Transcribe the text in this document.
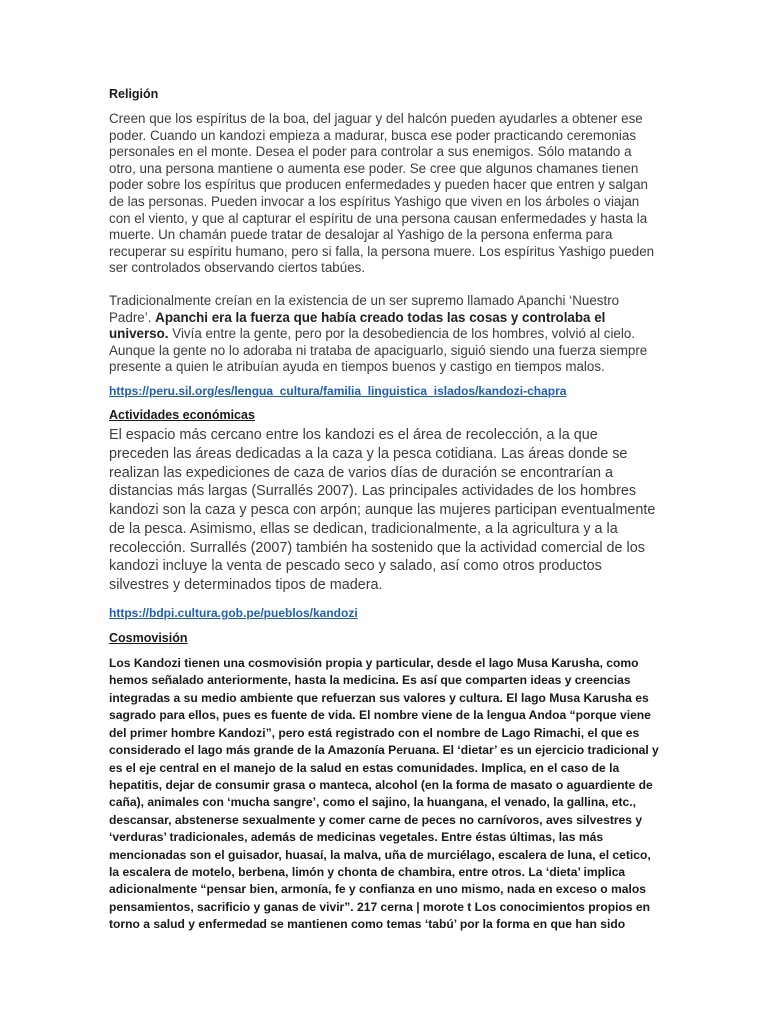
Religión

Creen que los espíritus de la boa, del jaguar y del halcón pueden ayudarles a obtener ese poder. Cuando un kandozi empieza a madurar, busca ese poder practicando ceremonias personales en el monte. Desea el poder para controlar a sus enemigos. Sólo matando a otro, una persona mantiene o aumenta ese poder. Se cree que algunos chamanes tienen poder sobre los espíritus que producen enfermedades y pueden hacer que entren y salgan de las personas. Pueden invocar a los espíritus Yashigo que viven en los árboles o viajan con el viento, y que al capturar el espíritu de una persona causan enfermedades y hasta la muerte. Un chamán puede tratar de desalojar al Yashigo de la persona enferma para recuperar su espíritu humano, pero si falla, la persona muere. Los espíritus Yashigo pueden ser controlados observando ciertos tabúes.

Tradicionalmente creían en la existencia de un ser supremo llamado Apanchi ‘Nuestro Padre’. Apanchi era la fuerza que había creado todas las cosas y controlaba el universo. Vivía entre la gente, pero por la desobediencia de los hombres, volvió al cielo. Aunque la gente no lo adoraba ni trataba de apaciguarlo, siguió siendo una fuerza siempre presente a quien le atribuían ayuda en tiempos buenos y castigo en tiempos malos.

https://peru.sil.org/es/lengua_cultura/familia_linguistica_islados/kandozi-chapra

Actividades económicas

El espacio más cercano entre los kandozi es el área de recolección, a la que preceden las áreas dedicadas a la caza y la pesca cotidiana. Las áreas donde se realizan las expediciones de caza de varios días de duración se encontrarían a distancias más largas (Surrallés 2007). Las principales actividades de los hombres kandozi son la caza y pesca con arpón; aunque las mujeres participan eventualmente de la pesca. Asimismo, ellas se dedican, tradicionalmente, a la agricultura y a la recolección. Surrallés (2007) también ha sostenido que la actividad comercial de los kandozi incluye la venta de pescado seco y salado, así como otros productos silvestres y determinados tipos de madera.

https://bdpi.cultura.gob.pe/pueblos/kandozi

Cosmovisión

Los Kandozi tienen una cosmovisión propia y particular, desde el lago Musa Karusha, como hemos señalado anteriormente, hasta la medicina. Es así que comparten ideas y creencias integradas a su medio ambiente que refuerzan sus valores y cultura. El lago Musa Karusha es sagrado para ellos, pues es fuente de vida. El nombre viene de la lengua Andoa “porque viene del primer hombre Kandozi”, pero está registrado con el nombre de Lago Rimachi, el que es considerado el lago más grande de la Amazonía Peruana. El ‘dietar’ es un ejercicio tradicional y es el eje central en el manejo de la salud en estas comunidades. Implica, en el caso de la hepatitis, dejar de consumir grasa o manteca, alcohol (en la forma de masato o aguardiente de caña), animales con ‘mucha sangre’, como el sajino, la huangana, el venado, la gallina, etc., descansar, abstenerse sexualmente y comer carne de peces no carnívoros, aves silvestres y ‘verduras’ tradicionales, además de medicinas vegetales. Entre éstas últimas, las más mencionadas son el guisador, huasaí, la malva, uña de murciélago, escalera de luna, el cetico, la escalera de motelo, berbena, limón y chonta de chambira, entre otros. La ‘dieta’ implica adicionalmente “pensar bien, armonía, fe y confianza en uno mismo, nada en exceso o malos pensamientos, sacrificio y ganas de vivir”. 217 cerna | morote t Los conocimientos propios en torno a salud y enfermedad se mantienen como temas ‘tabú’ por la forma en que han sido
